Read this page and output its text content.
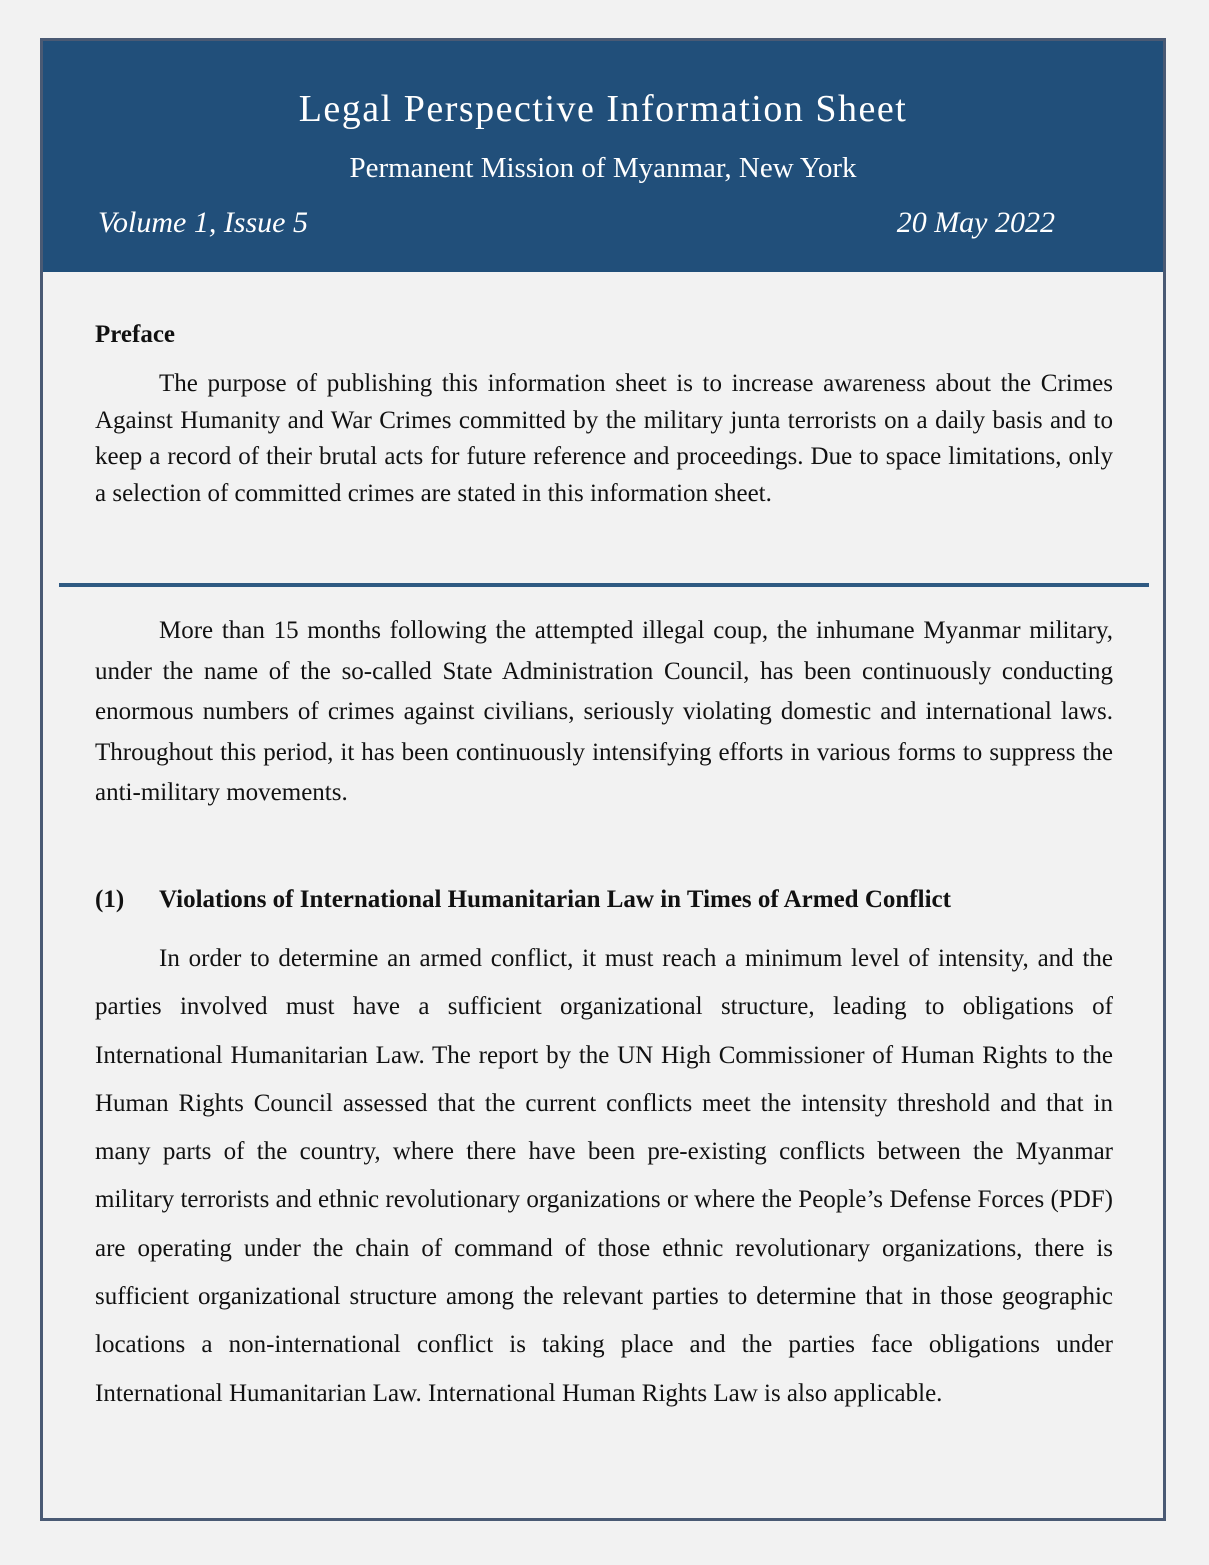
Legal Perspective Information Sheet
Permanent Mission of Myanmar, New York
Volume 1, Issue 5	20 May 2022
Preface
The purpose of publishing this information sheet is to increase awareness about the Crimes Against Humanity and War Crimes committed by the military junta terrorists on a daily basis and to keep a record of their brutal acts for future reference and proceedings. Due to space limitations, only a selection of committed crimes are stated in this information sheet.
More than 15 months following the attempted illegal coup, the inhumane Myanmar military, under the name of the so-called State Administration Council, has been continuously conducting enormous numbers of crimes against civilians, seriously violating domestic and international laws. Throughout this period, it has been continuously intensifying efforts in various forms to suppress the anti-military movements.
(1) Violations of International Humanitarian Law in Times of Armed Conflict
In order to determine an armed conflict, it must reach a minimum level of intensity, and the parties involved must have a sufficient organizational structure, leading to obligations of International Humanitarian Law. The report by the UN High Commissioner of Human Rights to the Human Rights Council assessed that the current conflicts meet the intensity threshold and that in many parts of the country, where there have been pre-existing conflicts between the Myanmar military terrorists and ethnic revolutionary organizations or where the People’s Defense Forces (PDF) are operating under the chain of command of those ethnic revolutionary organizations, there is sufficient organizational structure among the relevant parties to determine that in those geographic locations a non-international conflict is taking place and the parties face obligations under International Humanitarian Law. International Human Rights Law is also applicable.
